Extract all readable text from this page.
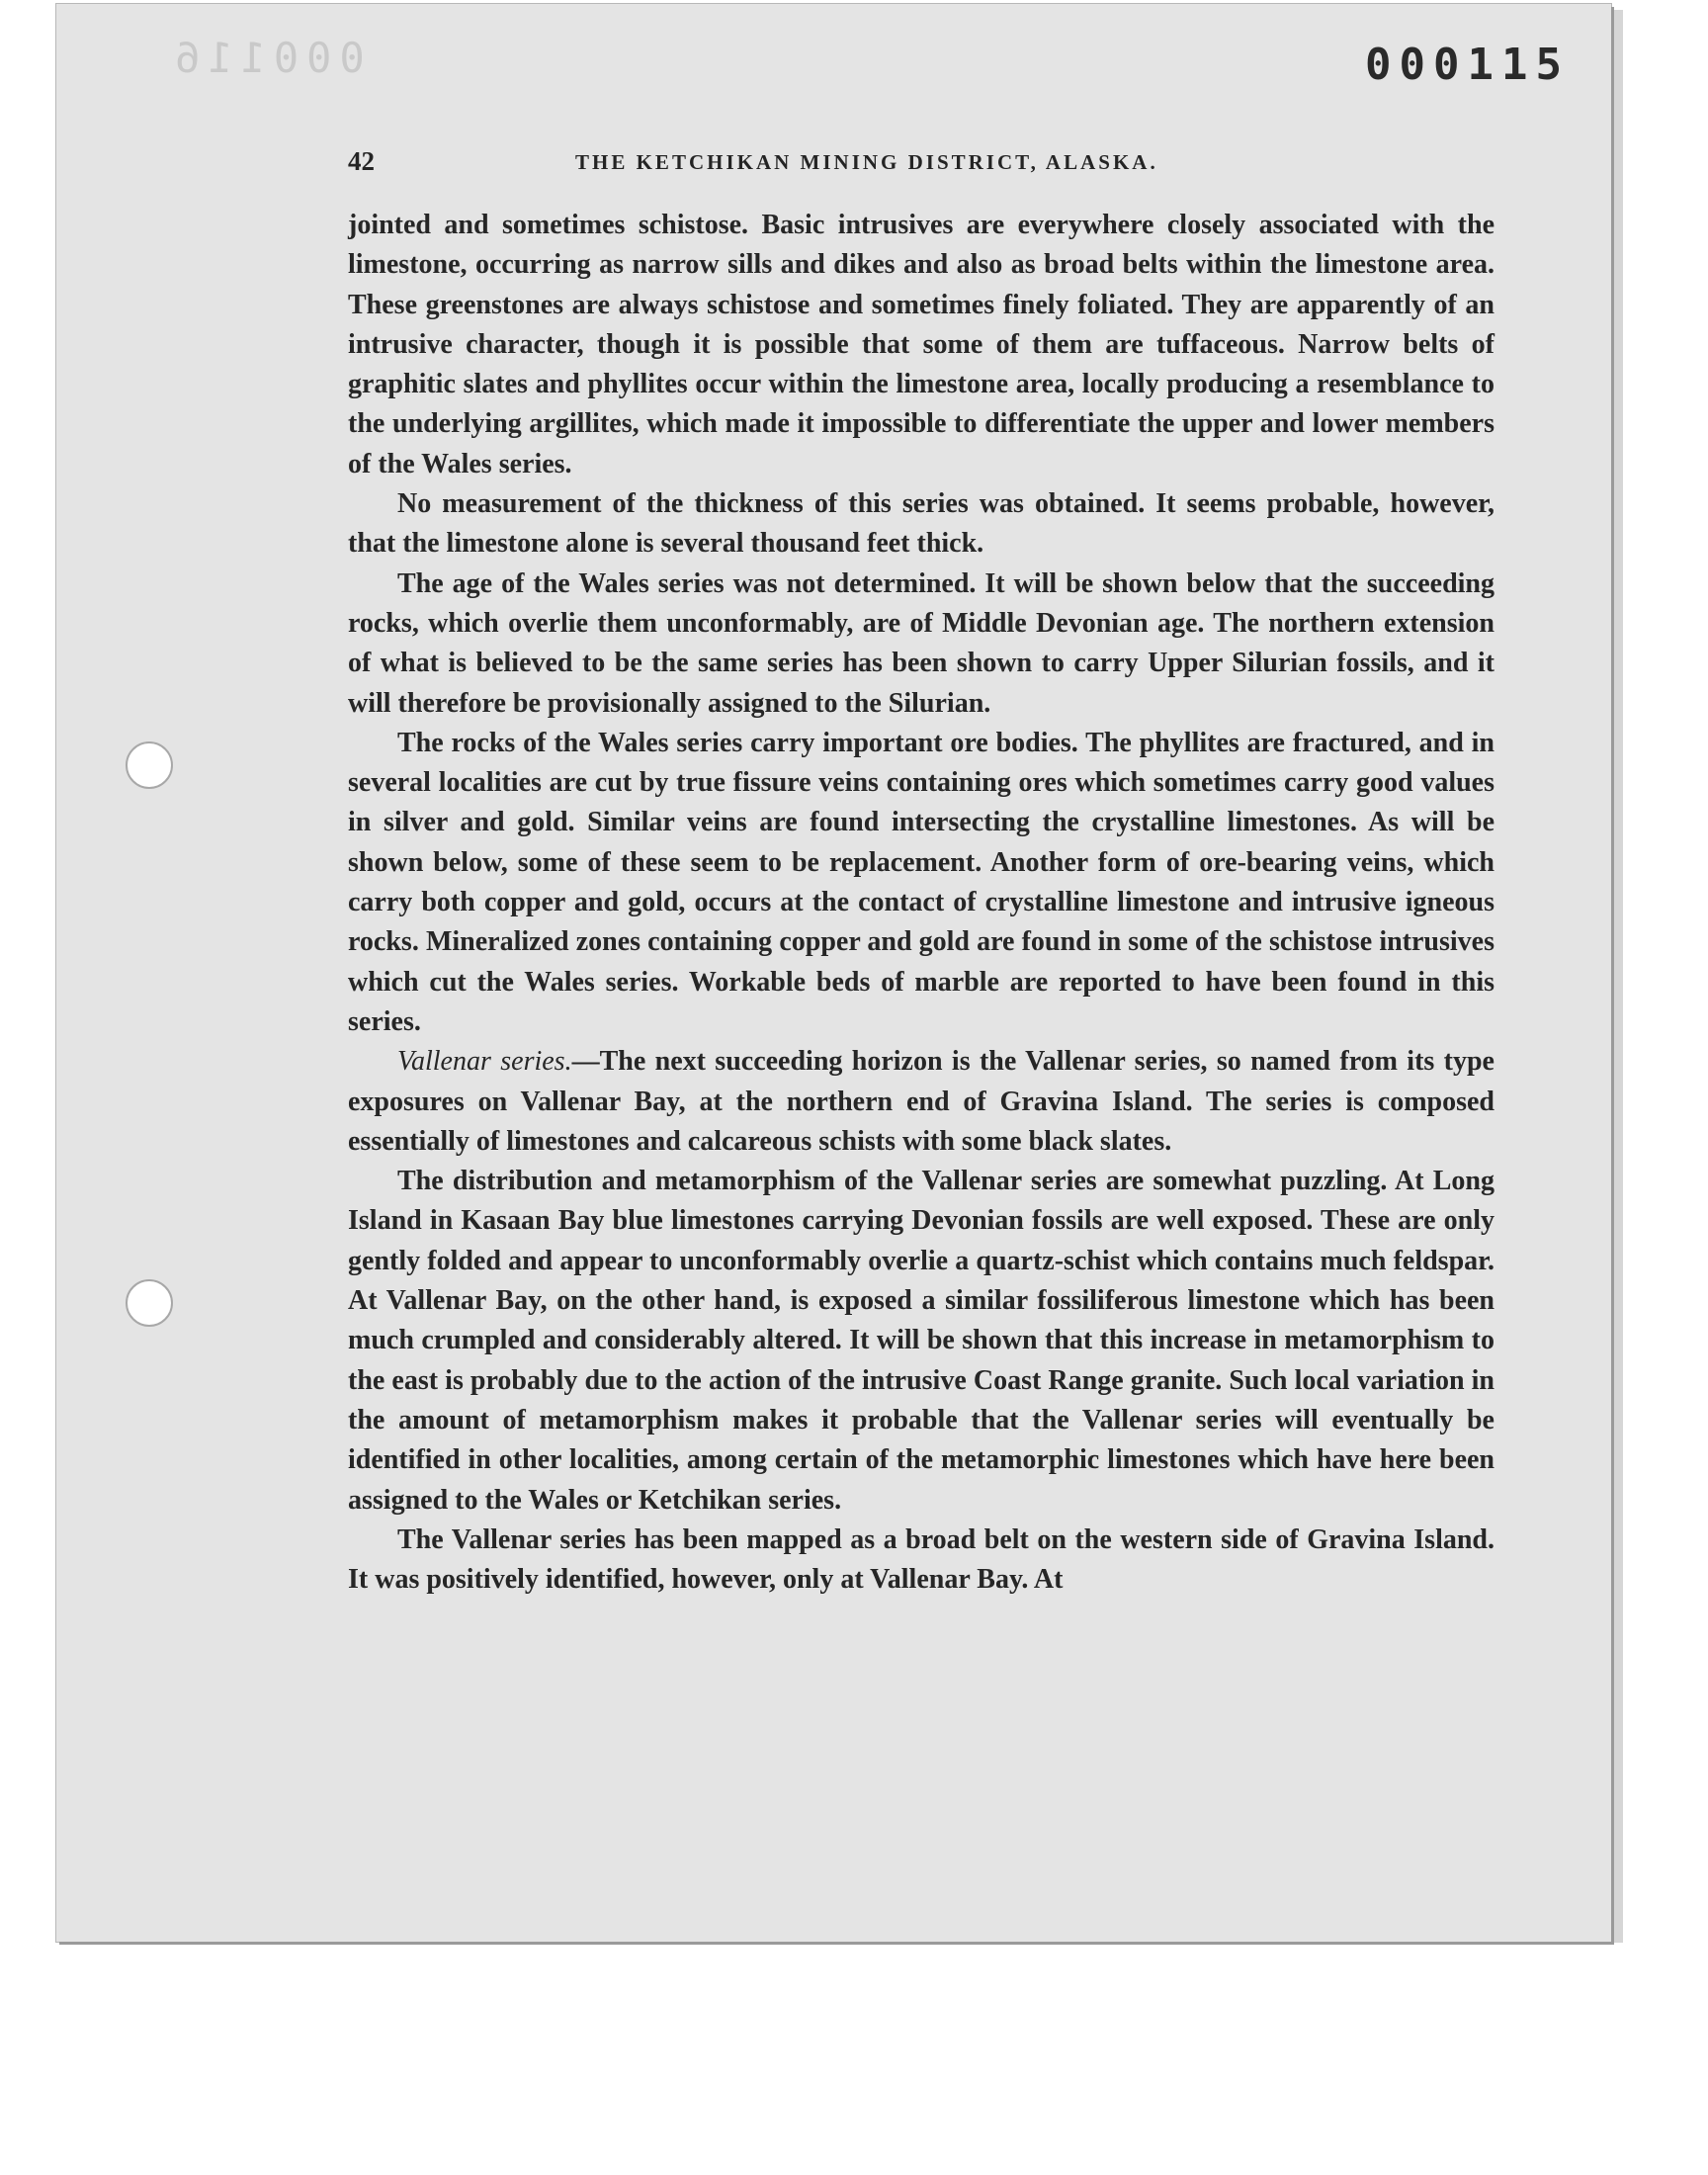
000116	000115
42	THE KETCHIKAN MINING DISTRICT, ALASKA.

jointed and sometimes schistose. Basic intrusives are everywhere closely associated with the limestone, occurring as narrow sills and dikes and also as broad belts within the limestone area. These greenstones are always schistose and sometimes finely foliated. They are apparently of an intrusive character, though it is possible that some of them are tuffaceous. Narrow belts of graphitic slates and phyllites occur within the limestone area, locally producing a resemblance to the underlying argillites, which made it impossible to differentiate the upper and lower members of the Wales series.

No measurement of the thickness of this series was obtained. It seems probable, however, that the limestone alone is several thousand feet thick.

The age of the Wales series was not determined. It will be shown below that the succeeding rocks, which overlie them unconformably, are of Middle Devonian age. The northern extension of what is believed to be the same series has been shown to carry Upper Silurian fossils, and it will therefore be provisionally assigned to the Silurian.

The rocks of the Wales series carry important ore bodies. The phyllites are fractured, and in several localities are cut by true fissure veins containing ores which sometimes carry good values in silver and gold. Similar veins are found intersecting the crystalline limestones. As will be shown below, some of these seem to be replacement. Another form of ore-bearing veins, which carry both copper and gold, occurs at the contact of crystalline limestone and intrusive igneous rocks. Mineralized zones containing copper and gold are found in some of the schistose intrusives which cut the Wales series. Workable beds of marble are reported to have been found in this series.

Vallenar series.—The next succeeding horizon is the Vallenar series, so named from its type exposures on Vallenar Bay, at the northern end of Gravina Island. The series is composed essentially of limestones and calcareous schists with some black slates.

The distribution and metamorphism of the Vallenar series are somewhat puzzling. At Long Island in Kasaan Bay blue limestones carrying Devonian fossils are well exposed. These are only gently folded and appear to unconformably overlie a quartz-schist which contains much feldspar. At Vallenar Bay, on the other hand, is exposed a similar fossiliferous limestone which has been much crumpled and considerably altered. It will be shown that this increase in metamorphism to the east is probably due to the action of the intrusive Coast Range granite. Such local variation in the amount of metamorphism makes it probable that the Vallenar series will eventually be identified in other localities, among certain of the metamorphic limestones which have here been assigned to the Wales or Ketchikan series.

The Vallenar series has been mapped as a broad belt on the western side of Gravina Island. It was positively identified, however, only at Vallenar Bay. At
